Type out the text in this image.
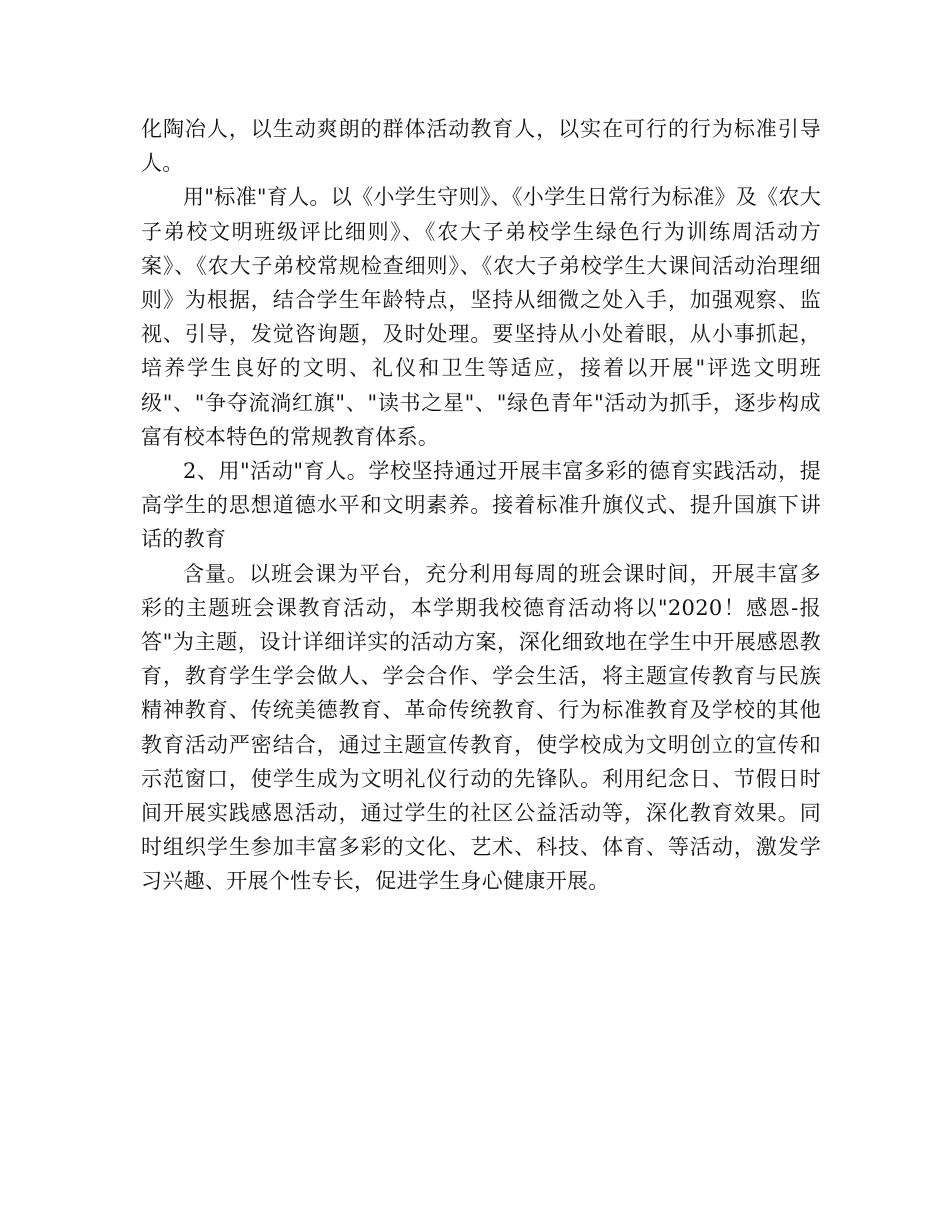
化陶冶人，以生动爽朗的群体活动教育人，以实在可行的行为标准引导人。

用"标准"育人。以《小学生守则》、《小学生日常行为标准》及《农大子弟校文明班级评比细则》、《农大子弟校学生绿色行为训练周活动方案》、《农大子弟校常规检查细则》、《农大子弟校学生大课间活动治理细则》为根据，结合学生年龄特点，坚持从细微之处入手，加强观察、监视、引导，发觉咨询题，及时处理。要坚持从小处着眼，从小事抓起，培养学生良好的文明、礼仪和卫生等适应，接着以开展"评选文明班级"、"争夺流淌红旗"、"读书之星"、"绿色青年"活动为抓手，逐步构成富有校本特色的常规教育体系。

2、用"活动"育人。学校坚持通过开展丰富多彩的德育实践活动，提高学生的思想道德水平和文明素养。接着标准升旗仪式、提升国旗下讲话的教育

含量。以班会课为平台，充分利用每周的班会课时间，开展丰富多彩的主题班会课教育活动，本学期我校德育活动将以"2020！感恩-报答"为主题，设计详细详实的活动方案，深化细致地在学生中开展感恩教育，教育学生学会做人、学会合作、学会生活，将主题宣传教育与民族精神教育、传统美德教育、革命传统教育、行为标准教育及学校的其他教育活动严密结合，通过主题宣传教育，使学校成为文明创立的宣传和示范窗口，使学生成为文明礼仪行动的先锋队。利用纪念日、节假日时间开展实践感恩活动，通过学生的社区公益活动等，深化教育效果。同时组织学生参加丰富多彩的文化、艺术、科技、体育、等活动，激发学习兴趣、开展个性专长，促进学生身心健康开展。
